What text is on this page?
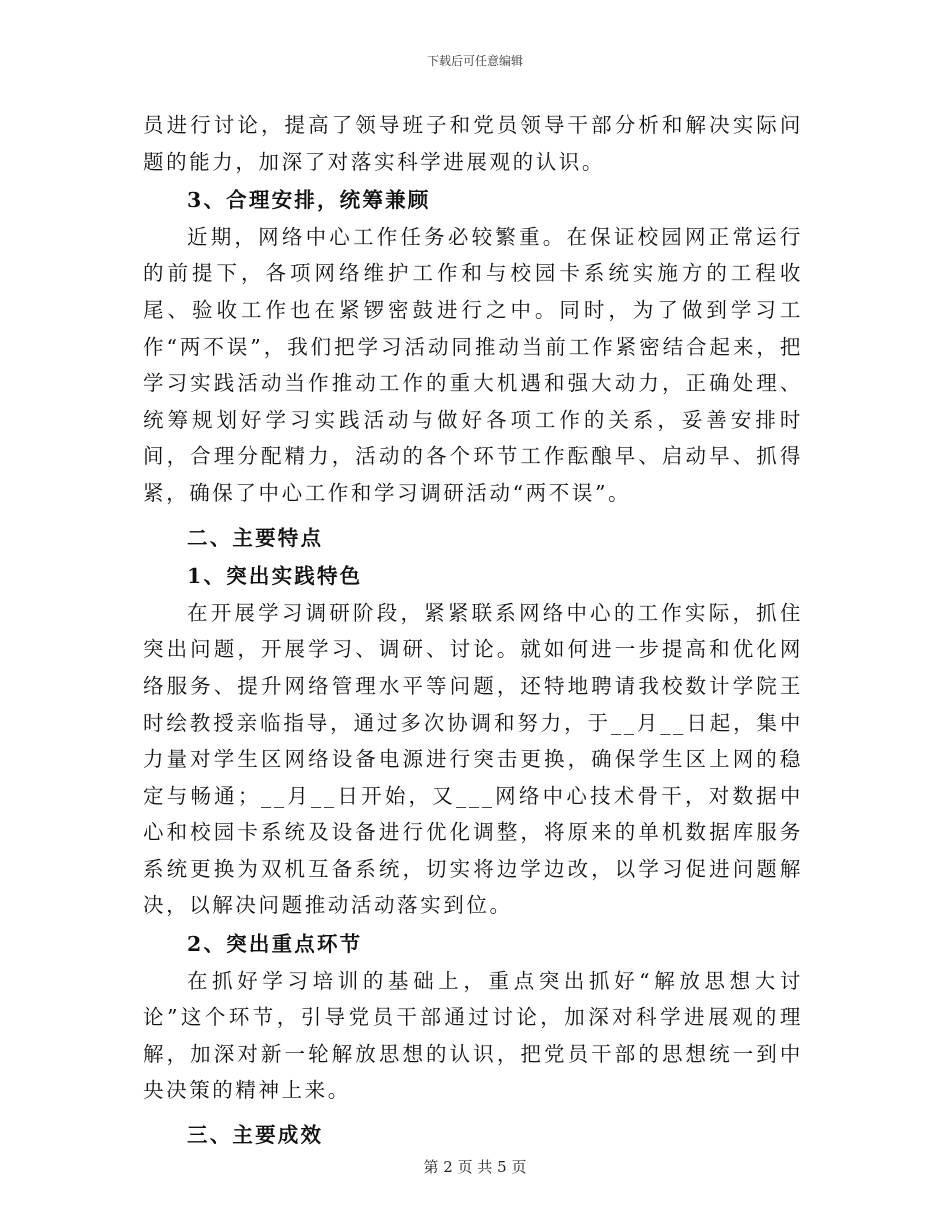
下载后可任意编辑

员进行讨论，提高了领导班子和党员领导干部分析和解决实际问题的能力，加深了对落实科学进展观的认识。

3、合理安排，统筹兼顾

近期，网络中心工作任务必较繁重。在保证校园网正常运行的前提下，各项网络维护工作和与校园卡系统实施方的工程收尾、验收工作也在紧锣密鼓进行之中。同时，为了做到学习工作“两不误”，我们把学习活动同推动当前工作紧密结合起来，把学习实践活动当作推动工作的重大机遇和强大动力，正确处理、统筹规划好学习实践活动与做好各项工作的关系，妥善安排时间，合理分配精力，活动的各个环节工作酝酿早、启动早、抓得紧，确保了中心工作和学习调研活动“两不误”。

二、主要特点
1、突出实践特色

在开展学习调研阶段，紧紧联系网络中心的工作实际，抓住突出问题，开展学习、调研、讨论。就如何进一步提高和优化网络服务、提升网络管理水平等问题，还特地聘请我校数计学院王时绘教授亲临指导，通过多次协调和努力，于__月__日起，集中力量对学生区网络设备电源进行突击更换，确保学生区上网的稳定与畅通；__月__日开始，又___网络中心技术骨干，对数据中心和校园卡系统及设备进行优化调整，将原来的单机数据库服务系统更换为双机互备系统，切实将边学边改，以学习促进问题解决，以解决问题推动活动落实到位。

2、突出重点环节

在抓好学习培训的基础上，重点突出抓好“解放思想大讨论”这个环节，引导党员干部通过讨论，加深对科学进展观的理解，加深对新一轮解放思想的认识，把党员干部的思想统一到中央决策的精神上来。

三、主要成效
第 2 页 共 5 页
